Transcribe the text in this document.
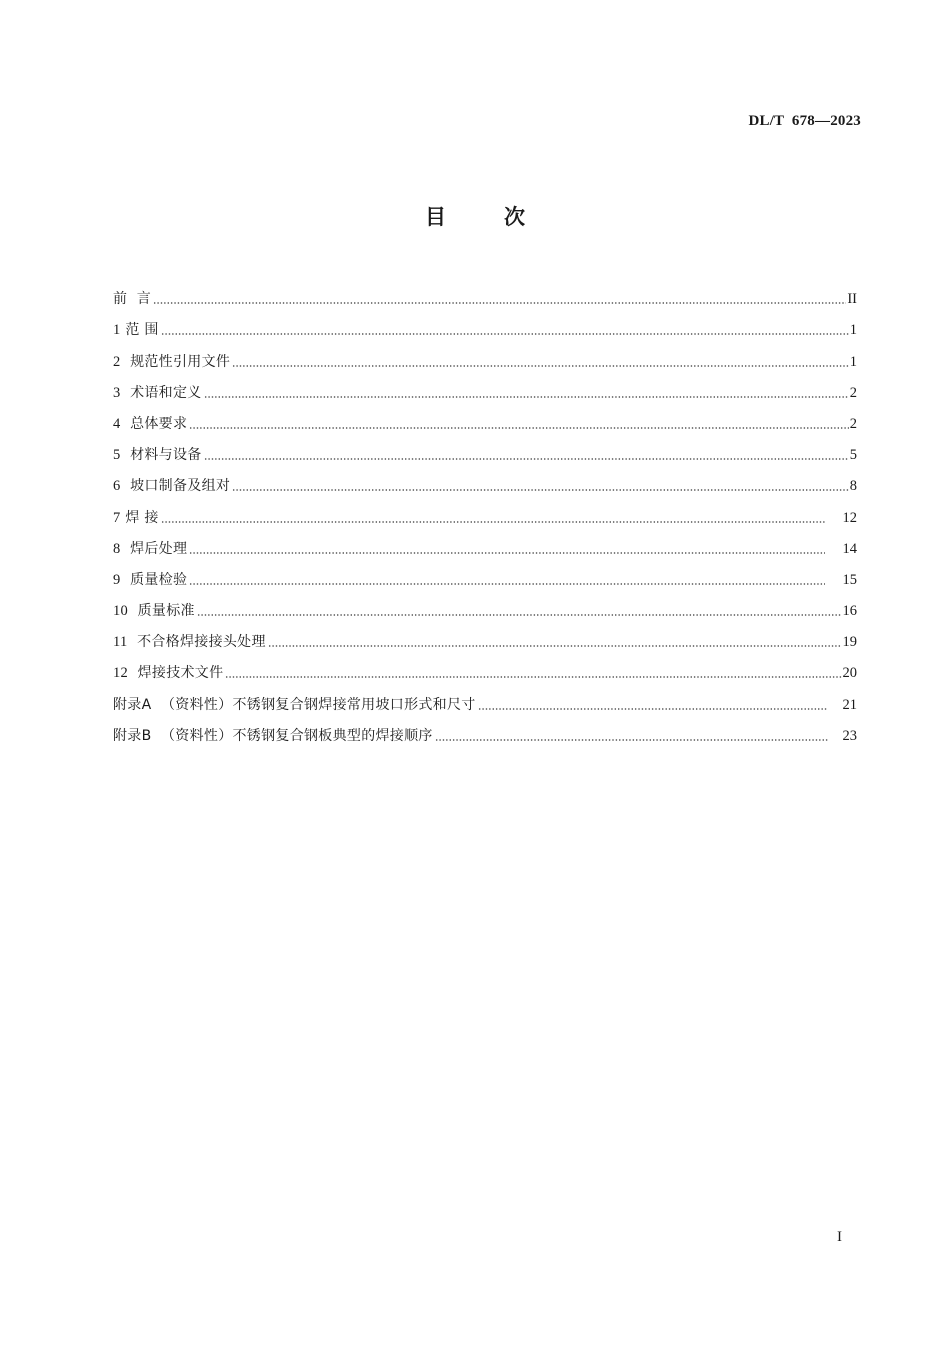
DL/T  678—2023
目	次
前  言	II
1 范 围	1
2  规范性引用文件	1
3  术语和定义	2
4  总体要求	2
5  材料与设备	5
6  坡口制备及组对	8
7 焊 接	12
8  焊后处理	14
9  质量检验	15
10  质量标准	16
11  不合格焊接接头处理	19
12  焊接技术文件	20
附录A  （资料性）不锈钢复合钢焊接常用坡口形式和尺寸	21
附录B  （资料性）不锈钢复合钢板典型的焊接顺序	23
I
